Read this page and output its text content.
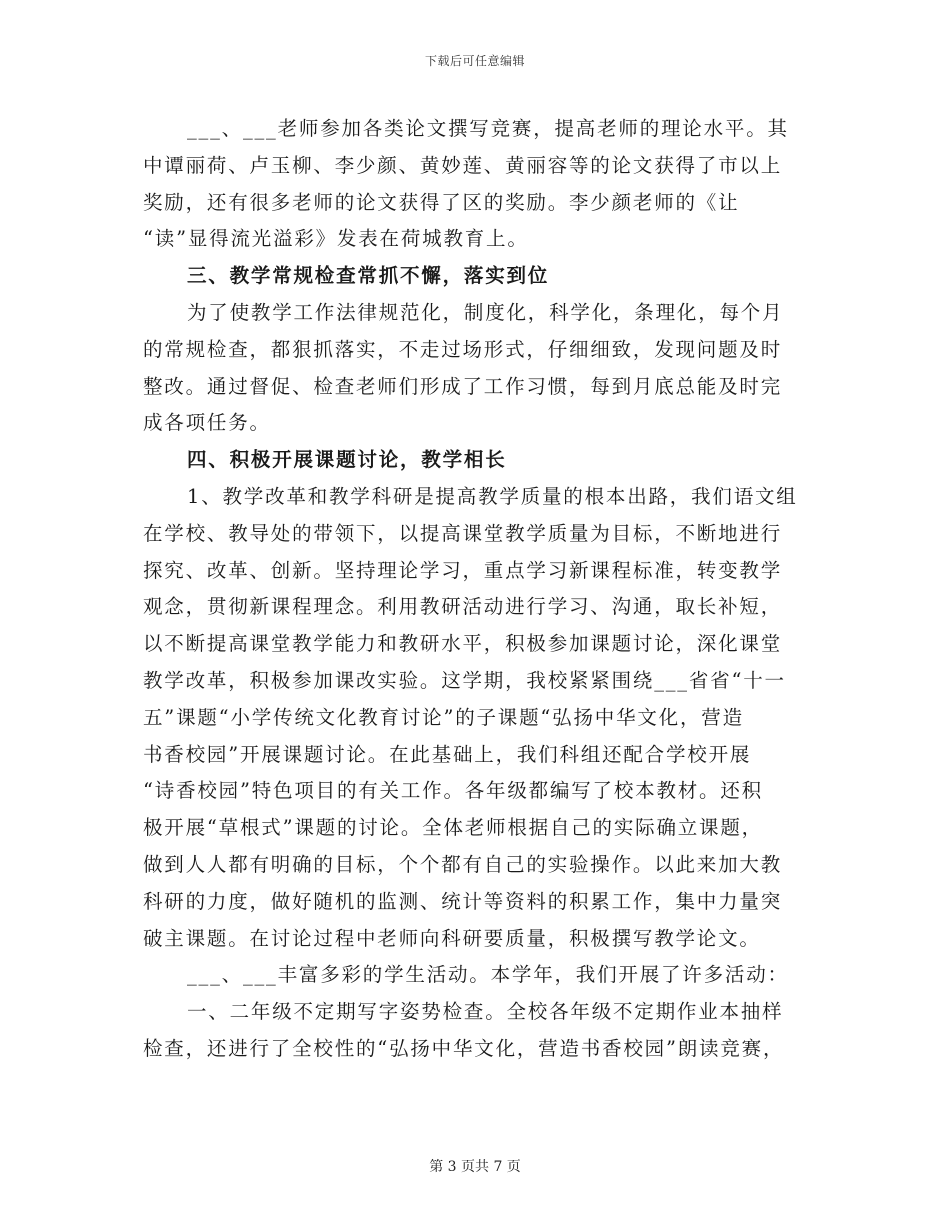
下载后可任意编辑
___、___老师参加各类论文撰写竞赛，提高老师的理论水平。其
中谭丽荷、卢玉柳、李少颜、黄妙莲、黄丽容等的论文获得了市以上
奖励，还有很多老师的论文获得了区的奖励。李少颜老师的《让
“读”显得流光溢彩》发表在荷城教育上。
三、教学常规检查常抓不懈，落实到位
为了使教学工作法律规范化，制度化，科学化，条理化，每个月
的常规检查，都狠抓落实，不走过场形式，仔细细致，发现问题及时
整改。通过督促、检查老师们形成了工作习惯，每到月底总能及时完
成各项任务。
四、积极开展课题讨论，教学相长
1、教学改革和教学科研是提高教学质量的根本出路，我们语文组
在学校、教导处的带领下，以提高课堂教学质量为目标，不断地进行
探究、改革、创新。坚持理论学习，重点学习新课程标准，转变教学
观念，贯彻新课程理念。利用教研活动进行学习、沟通，取长补短，
以不断提高课堂教学能力和教研水平，积极参加课题讨论，深化课堂
教学改革，积极参加课改实验。这学期，我校紧紧围绕___省省“十一
五”课题“小学传统文化教育讨论”的子课题“弘扬中华文化，营造
书香校园”开展课题讨论。在此基础上，我们科组还配合学校开展
“诗香校园”特色项目的有关工作。各年级都编写了校本教材。还积
极开展“草根式”课题的讨论。全体老师根据自己的实际确立课题，
做到人人都有明确的目标，个个都有自己的实验操作。以此来加大教
科研的力度，做好随机的监测、统计等资料的积累工作，集中力量突
破主课题。在讨论过程中老师向科研要质量，积极撰写教学论文。
___、___丰富多彩的学生活动。本学年，我们开展了许多活动：
一、二年级不定期写字姿势检查。全校各年级不定期作业本抽样
检查，还进行了全校性的“弘扬中华文化，营造书香校园”朗读竞赛，
第 3 页共 7 页
